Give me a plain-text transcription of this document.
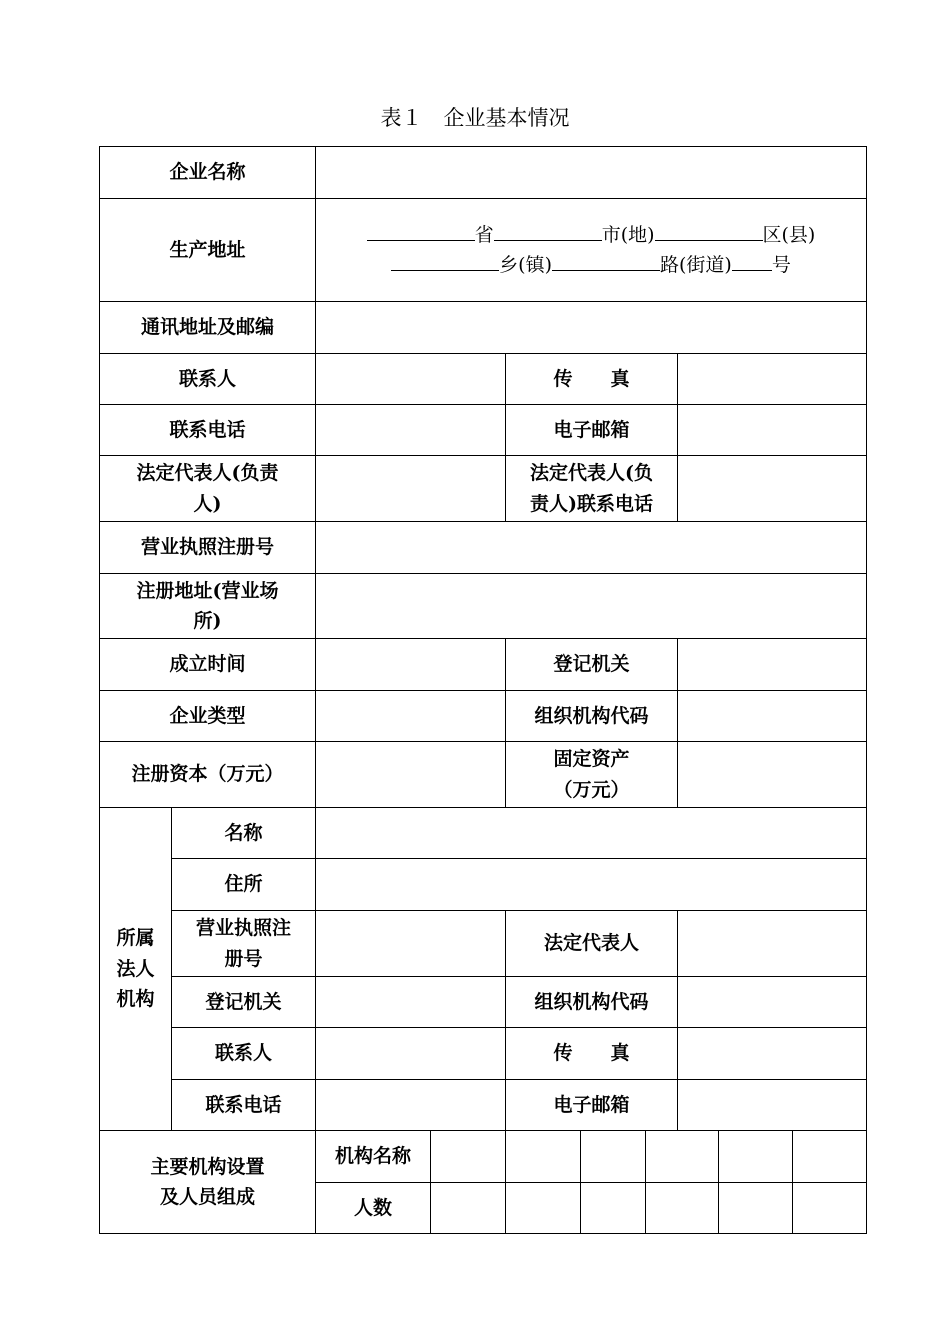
表１　企业基本情况
企业名称									
生产地址		省 市(地) 区(县)
乡(镇) 路(街道) 号							
通讯地址及邮编									
联系人				传　　真					
联系电话				电子邮箱					
法定代表人(负责
人)				法定代表人(负
责人)联系电话					
营业执照注册号									
注册地址(营业场
所)									
成立时间				登记机关					
企业类型				组织机构代码					
注册资本（万元）				固定资产
（万元）					
所属
法人
机构	名称								
	住所								
	营业执照注
册号			法定代表人					
	登记机关			组织机构代码					
	联系人			传　　真					
	联系电话			电子邮箱					
主要机构设置
及人员组成		机构名称							
		人数							
